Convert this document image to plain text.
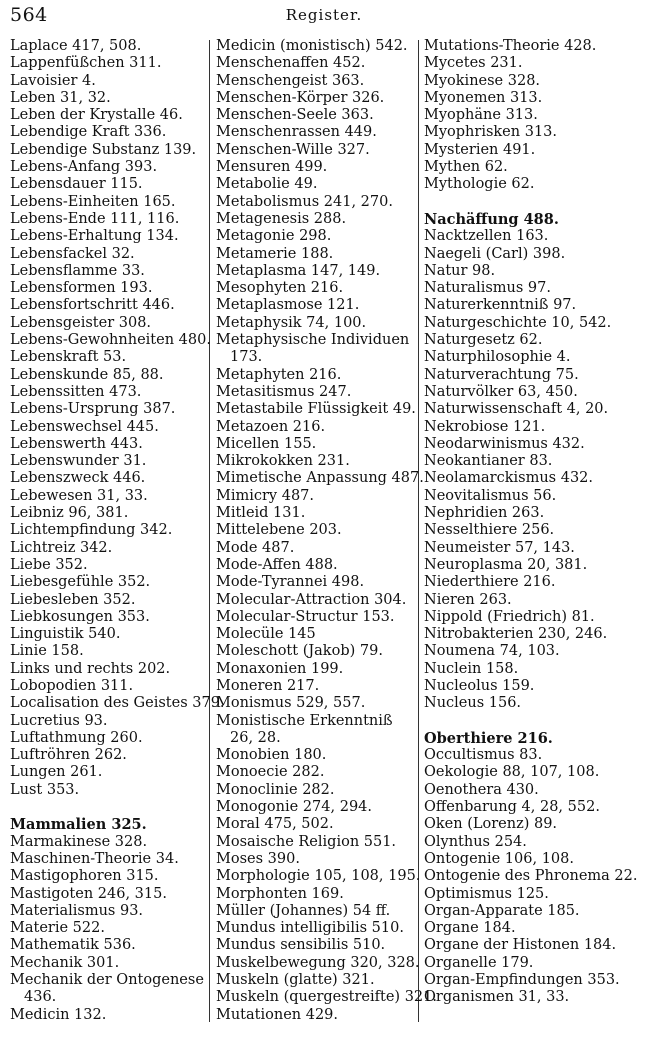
564	Register.
Laplace 417, 508.
Lappenfüßchen 311.
Lavoisier 4.
Leben 31, 32.
Leben der Krystalle 46.
Lebendige Kraft 336.
Lebendige Substanz 139.
Lebens-Anfang 393.
Lebensdauer 115.
Lebens-Einheiten 165.
Lebens-Ende 111, 116.
Lebens-Erhaltung 134.
Lebensfackel 32.
Lebensflamme 33.
Lebensformen 193.
Lebensfortschritt 446.
Lebensgeister 308.
Lebens-Gewohnheiten 480.
Lebenskraft 53.
Lebenskunde 85, 88.
Lebenssitten 473.
Lebens-Ursprung 387.
Lebenswechsel 445.
Lebenswerth 443.
Lebenswunder 31.
Lebenszweck 446.
Lebewesen 31, 33.
Leibniz 96, 381.
Lichtempfindung 342.
Lichtreiz 342.
Liebe 352.
Liebesgefühle 352.
Liebesleben 352.
Liebkosungen 353.
Linguistik 540.
Linie 158.
Links und rechts 202.
Lobopodien 311.
Localisation des Geistes 379.
Lucretius 93.
Luftathmung 260.
Luftröhren 262.
Lungen 261.
Lust 353.
Mammalien 325.
Marmakinese 328.
Maschinen-Theorie 34.
Mastigophoren 315.
Mastigoten 246, 315.
Materialismus 93.
Materie 522.
Mathematik 536.
Mechanik 301.
Mechanik der Ontogenese 436.
Medicin 132.
Medicin (monistisch) 542.
Menschenaffen 452.
Menschengeist 363.
Menschen-Körper 326.
Menschen-Seele 363.
Menschenrassen 449.
Menschen-Wille 327.
Mensuren 499.
Metabolie 49.
Metabolismus 241, 270.
Metagenesis 288.
Metagonie 298.
Metamerie 188.
Metaplasma 147, 149.
Mesophyten 216.
Metaplasmose 121.
Metaphysik 74, 100.
Metaphysische Individuen 173.
Metaphyten 216.
Metasitismus 247.
Metastabile Flüssigkeit 49.
Metazoen 216.
Micellen 155.
Mikrokokken 231.
Mimetische Anpassung 487.
Mimicry 487.
Mitleid 131.
Mittelebene 203.
Mode 487.
Mode-Affen 488.
Mode-Tyrannei 498.
Molecular-Attraction 304.
Molecular-Structur 153.
Molecüle 145
Moleschott (Jakob) 79.
Monaxonien 199.
Moneren 217.
Monismus 529, 557.
Monistische Erkenntniß 26, 28.
Monobien 180.
Monoecie 282.
Monoclinie 282.
Monogonie 274, 294.
Moral 475, 502.
Mosaische Religion 551.
Moses 390.
Morphologie 105, 108, 195.
Morphonten 169.
Müller (Johannes) 54 ff.
Mundus intelligibilis 510.
Mundus sensibilis 510.
Muskelbewegung 320, 328.
Muskeln (glatte) 321.
Muskeln (quergestreifte) 321.
Mutationen 429.
Mutations-Theorie 428.
Mycetes 231.
Myokinese 328.
Myonemen 313.
Myophäne 313.
Myophrisken 313.
Mysterien 491.
Mythen 62.
Mythologie 62.
Nachäffung 488.
Nacktzellen 163.
Naegeli (Carl) 398.
Natur 98.
Naturalismus 97.
Naturerkenntniß 97.
Naturgeschichte 10, 542.
Naturgesetz 62.
Naturphilosophie 4.
Naturverachtung 75.
Naturvölker 63, 450.
Naturwissenschaft 4, 20.
Nekrobiose 121.
Neodarwinismus 432.
Neokantianer 83.
Neolamarckismus 432.
Neovitalismus 56.
Nephridien 263.
Nesselthiere 256.
Neumeister 57, 143.
Neuroplasma 20, 381.
Niederthiere 216.
Nieren 263.
Nippold (Friedrich) 81.
Nitrobakterien 230, 246.
Noumena 74, 103.
Nuclein 158.
Nucleolus 159.
Nucleus 156.
Oberthiere 216.
Occultismus 83.
Oekologie 88, 107, 108.
Oenothera 430.
Offenbarung 4, 28, 552.
Oken (Lorenz) 89.
Olynthus 254.
Ontogenie 106, 108.
Ontogenie des Phronema 22.
Optimismus 125.
Organ-Apparate 185.
Organe 184.
Organe der Histonen 184.
Organelle 179.
Organ-Empfindungen 353.
Organismen 31, 33.
